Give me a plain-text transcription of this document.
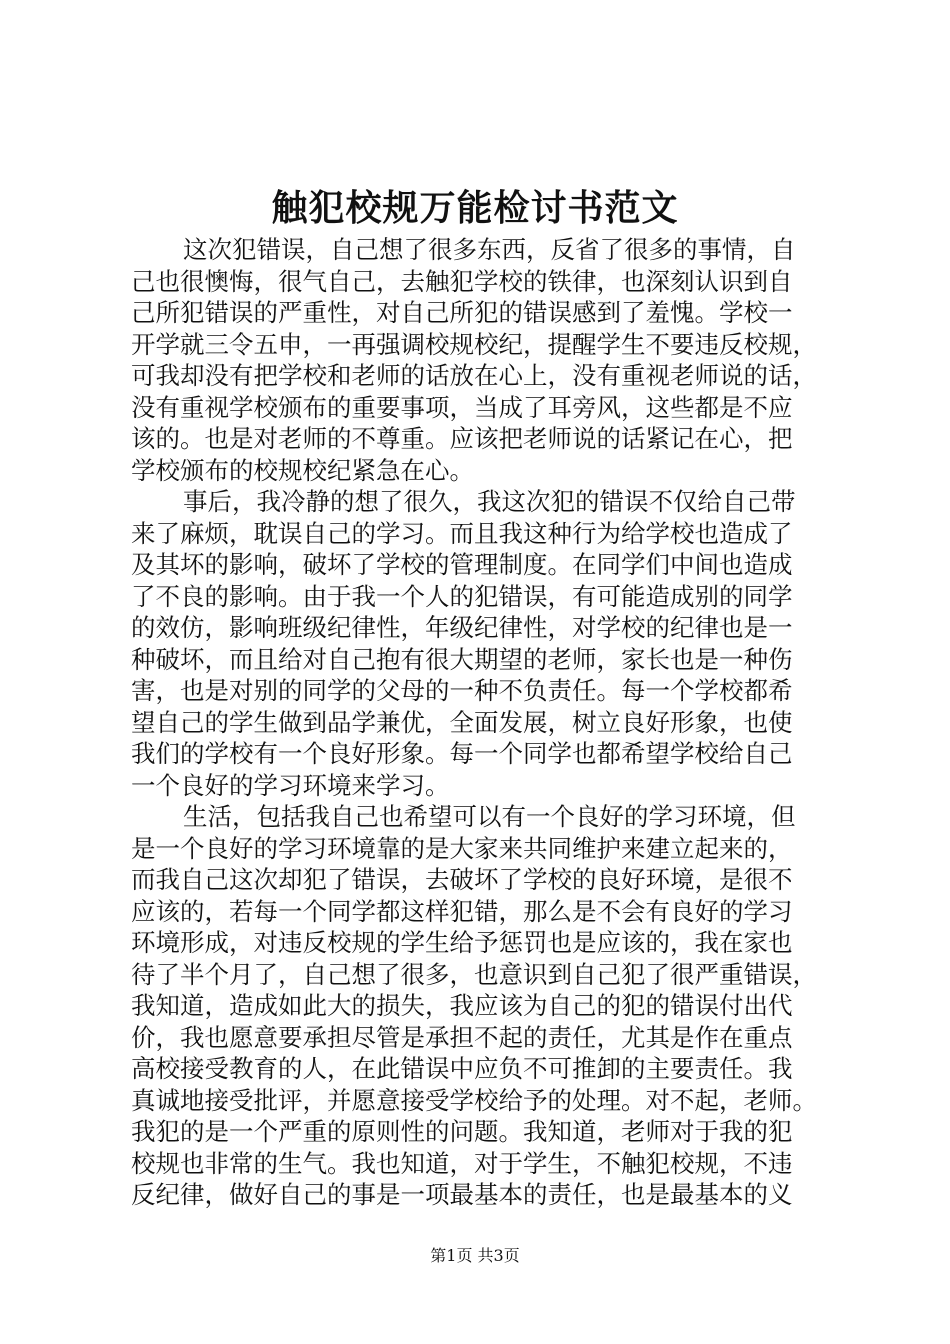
触犯校规万能检讨书范文
这次犯错误，自己想了很多东西，反省了很多的事情，自
己也很懊悔，很气自己，去触犯学校的铁律，也深刻认识到自
己所犯错误的严重性，对自己所犯的错误感到了羞愧。学校一
开学就三令五申，一再强调校规校纪，提醒学生不要违反校规，
可我却没有把学校和老师的话放在心上，没有重视老师说的话，
没有重视学校颁布的重要事项，当成了耳旁风，这些都是不应
该的。也是对老师的不尊重。应该把老师说的话紧记在心，把
学校颁布的校规校纪紧急在心。
事后，我冷静的想了很久，我这次犯的错误不仅给自己带
来了麻烦，耽误自己的学习。而且我这种行为给学校也造成了
及其坏的影响，破坏了学校的管理制度。在同学们中间也造成
了不良的影响。由于我一个人的犯错误，有可能造成别的同学
的效仿，影响班级纪律性，年级纪律性，对学校的纪律也是一
种破坏，而且给对自己抱有很大期望的老师，家长也是一种伤
害，也是对别的同学的父母的一种不负责任。每一个学校都希
望自己的学生做到品学兼优，全面发展，树立良好形象，也使
我们的学校有一个良好形象。每一个同学也都希望学校给自己
一个良好的学习环境来学习。
生活，包括我自己也希望可以有一个良好的学习环境，但
是一个良好的学习环境靠的是大家来共同维护来建立起来的，
而我自己这次却犯了错误，去破坏了学校的良好环境，是很不
应该的，若每一个同学都这样犯错，那么是不会有良好的学习
环境形成，对违反校规的学生给予惩罚也是应该的，我在家也
待了半个月了，自己想了很多，也意识到自己犯了很严重错误，
我知道，造成如此大的损失，我应该为自己的犯的错误付出代
价，我也愿意要承担尽管是承担不起的责任，尤其是作在重点
高校接受教育的人，在此错误中应负不可推卸的主要责任。我
真诚地接受批评，并愿意接受学校给予的处理。对不起，老师。
我犯的是一个严重的原则性的问题。我知道，老师对于我的犯
校规也非常的生气。我也知道，对于学生，不触犯校规，不违
反纪律，做好自己的事是一项最基本的责任，也是最基本的义
第1页 共3页
